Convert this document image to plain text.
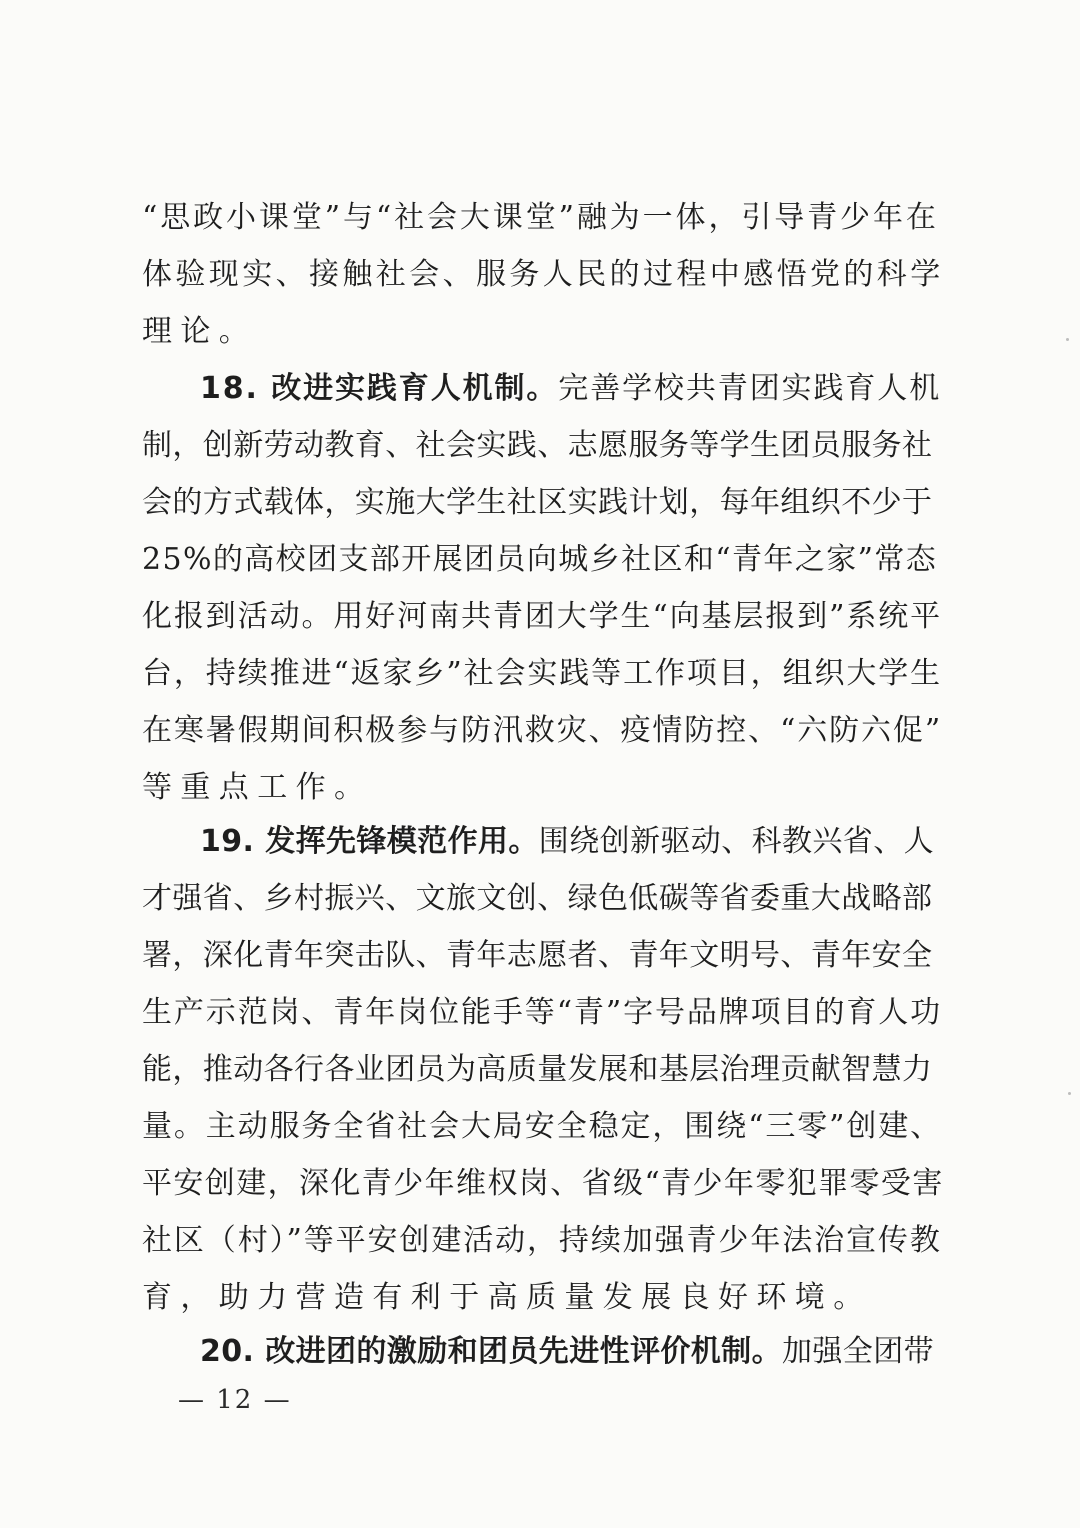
“思政小课堂”与“社会大课堂”融为一体，引导青少年在
体验现实、接触社会、服务人民的过程中感悟党的科学
理论。
18. 改进实践育人机制。完善学校共青团实践育人机
制，创新劳动教育、社会实践、志愿服务等学生团员服务社
会的方式载体，实施大学生社区实践计划，每年组织不少于
25%的高校团支部开展团员向城乡社区和“青年之家”常态
化报到活动。用好河南共青团大学生“向基层报到”系统平
台，持续推进“返家乡”社会实践等工作项目，组织大学生
在寒暑假期间积极参与防汛救灾、疫情防控、“六防六促”
等重点工作。
19. 发挥先锋模范作用。围绕创新驱动、科教兴省、人
才强省、乡村振兴、文旅文创、绿色低碳等省委重大战略部
署，深化青年突击队、青年志愿者、青年文明号、青年安全
生产示范岗、青年岗位能手等“青”字号品牌项目的育人功
能，推动各行各业团员为高质量发展和基层治理贡献智慧力
量。主动服务全省社会大局安全稳定，围绕“三零”创建、
平安创建，深化青少年维权岗、省级“青少年零犯罪零受害
社区（村）”等平安创建活动，持续加强青少年法治宣传教
育，助力营造有利于高质量发展良好环境。
20. 改进团的激励和团员先进性评价机制。加强全团带
— 12 —
